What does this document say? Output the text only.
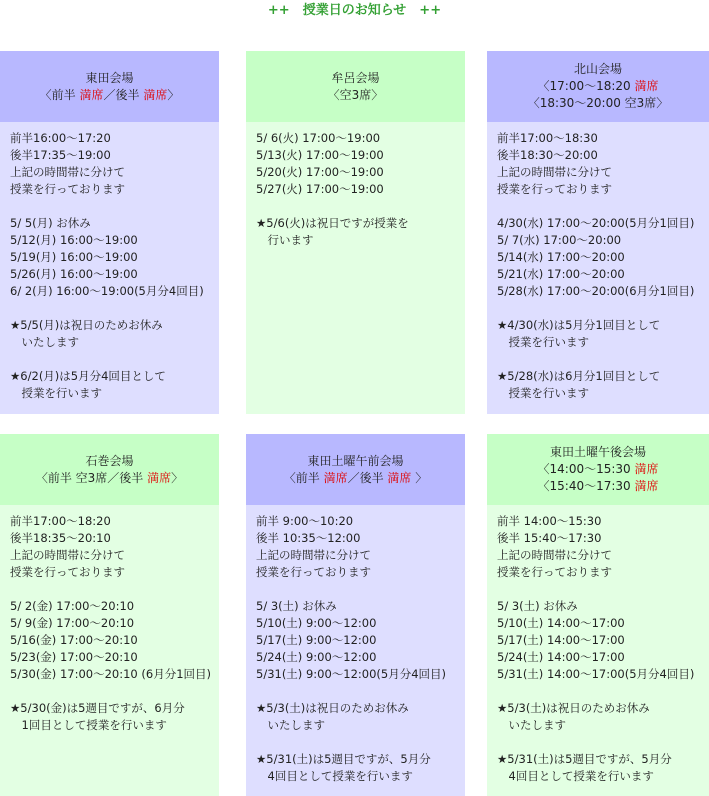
++　授業日のお知らせ　++
東田会場
〈前半 満席／後半 満席〉
前半16:00～17:20
後半17:35～19:00
上記の時間帯に分けて
授業を行っております

5/ 5(月) お休み
5/12(月) 16:00～19:00
5/19(月) 16:00～19:00
5/26(月) 16:00～19:00
6/ 2(月) 16:00～19:00(5月分4回目)

★5/5(月)は祝日のためお休み
　いたします

★6/2(月)は5月分4回目として
　授業を行います
牟呂会場
〈空3席〉
5/ 6(火) 17:00～19:00
5/13(火) 17:00～19:00
5/20(火) 17:00～19:00
5/27(火) 17:00～19:00

★5/6(火)は祝日ですが授業を
　行います
北山会場
〈17:00～18:20 満席
〈18:30～20:00 空3席〉
前半17:00～18:30
後半18:30～20:00
上記の時間帯に分けて
授業を行っております

4/30(水) 17:00～20:00(5月分1回目)
5/ 7(水) 17:00～20:00
5/14(水) 17:00～20:00
5/21(水) 17:00～20:00
5/28(水) 17:00～20:00(6月分1回目)

★4/30(水)は5月分1回目として
　授業を行います

★5/28(水)は6月分1回目として
　授業を行います
石巻会場
〈前半 空3席／後半 満席〉
前半17:00～18:20
後半18:35～20:10
上記の時間帯に分けて
授業を行っております

5/ 2(金) 17:00～20:10
5/ 9(金) 17:00～20:10
5/16(金) 17:00～20:10
5/23(金) 17:00～20:10
5/30(金) 17:00～20:10 (6月分1回目)

★5/30(金)は5週目ですが、6月分
　1回目として授業を行います
東田土曜午前会場
〈前半 満席／後半 満席 〉
前半 9:00～10:20
後半 10:35～12:00
上記の時間帯に分けて
授業を行っております

5/ 3(土) お休み
5/10(土) 9:00～12:00
5/17(土) 9:00～12:00
5/24(土) 9:00～12:00
5/31(土) 9:00～12:00(5月分4回目)

★5/3(土)は祝日のためお休み
　いたします

★5/31(土)は5週目ですが、5月分
　4回目として授業を行います
東田土曜午後会場
〈14:00～15:30 満席
〈15:40～17:30 満席
前半 14:00～15:30
後半 15:40～17:30
上記の時間帯に分けて
授業を行っております

5/ 3(土) お休み
5/10(土) 14:00～17:00
5/17(土) 14:00～17:00
5/24(土) 14:00～17:00
5/31(土) 14:00～17:00(5月分4回目)

★5/3(土)は祝日のためお休み
　いたします

★5/31(土)は5週目ですが、5月分
　4回目として授業を行います
